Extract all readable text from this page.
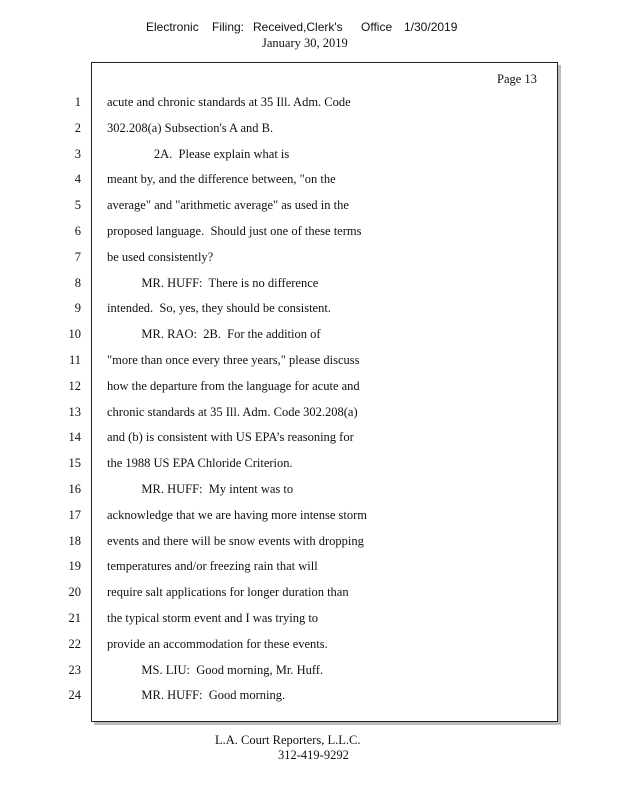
Electronic Filing: Received,Clerk's Office 1/30/2019
January 30, 2019
Page 13
1 acute and chronic standards at 35 Ill. Adm. Code
2 302.208(a) Subsection's A and B.
3 2A.  Please explain what is
4 meant by, and the difference between, "on the
5 average" and "arithmetic average" as used in the
6 proposed language.  Should just one of these terms
7 be used consistently?
8 MR. HUFF:  There is no difference
9 intended.  So, yes, they should be consistent.
10 MR. RAO:  2B.  For the addition of
11 "more than once every three years," please discuss
12 how the departure from the language for acute and
13 chronic standards at 35 Ill. Adm. Code 302.208(a)
14 and (b) is consistent with US EPA’s reasoning for
15 the 1988 US EPA Chloride Criterion.
16 MR. HUFF:  My intent was to
17 acknowledge that we are having more intense storm
18 events and there will be snow events with dropping
19 temperatures and/or freezing rain that will
20 require salt applications for longer duration than
21 the typical storm event and I was trying to
22 provide an accommodation for these events.
23 MS. LIU:  Good morning, Mr. Huff.
24 MR. HUFF:  Good morning.
L.A. Court Reporters, L.L.C.
312-419-9292
